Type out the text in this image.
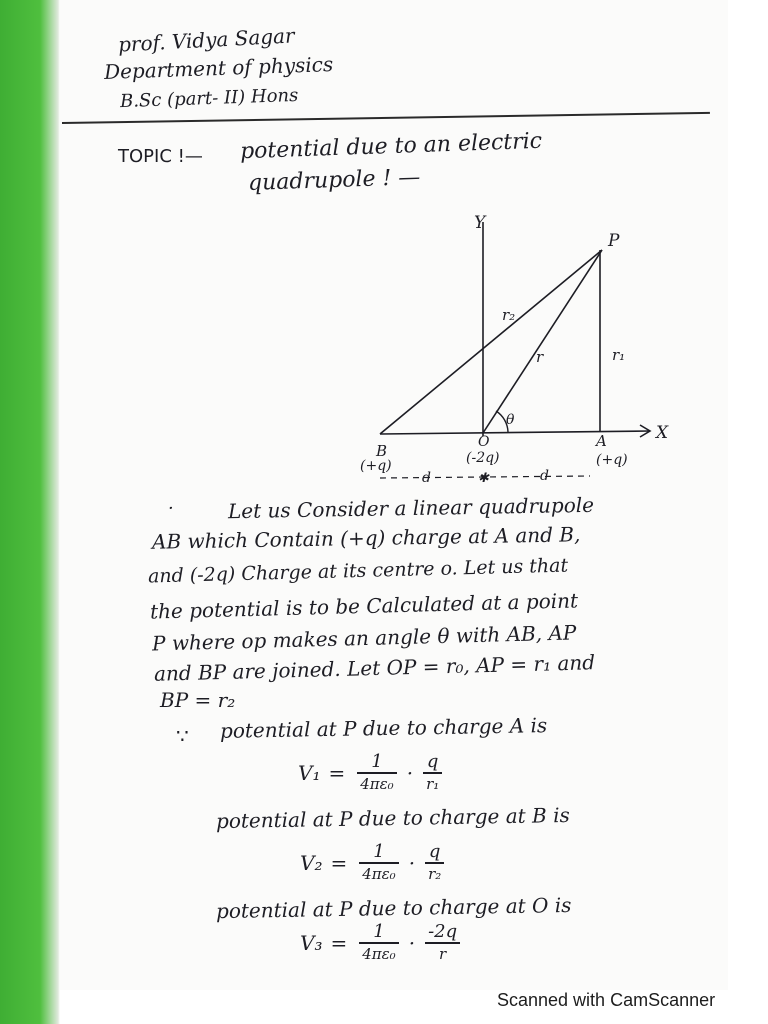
prof. Vidya Sagar
Department of physics
B.Sc (part- II) Hons
TOPIC !— potential due to an electric
quadrupole ! —
Y
X
P
r₂
r	r₁
θ
B	O	A
(+q)	(-2q)	(+q)
d	d
✱
·	Let us Consider a linear quadrupole
AB which Contain (+q) charge at A and B,
and (-2q) Charge at its centre o. Let us that
the potential is to be Calculated at a point
P where op makes an angle θ with AB, AP
and BP are joined. Let OP = r₀, AP = r₁ and
BP = r₂
∵ potential at P due to charge A is
$V_1 = \frac{1}{\text{4πε₀}} \cdot \frac{q}{\text{r₁}}$
potential at P due to charge at B is
$V_2 = \frac{1}{\text{4πε₀}} \cdot \frac{q}{\text{r₂}}$
potential at P due to charge at O is
$V_3 = \frac{1}{\text{4πε₀}} \cdot \frac{-2q}{r}$
Scanned with CamScanner
